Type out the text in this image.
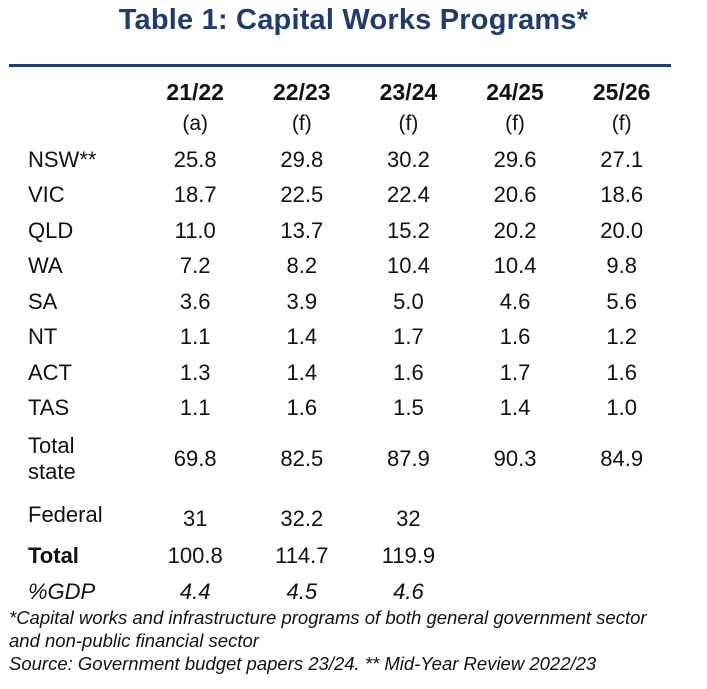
Table 1: Capital Works Programs*
	21/22	22/23	23/24	24/25	25/26
	(a)	(f)	(f)	(f)	(f)
NSW**	25.8	29.8	30.2	29.6	27.1
VIC	18.7	22.5	22.4	20.6	18.6
QLD	11.0	13.7	15.2	20.2	20.0
WA	7.2	8.2	10.4	10.4	9.8
SA	3.6	3.9	5.0	4.6	5.6
NT	1.1	1.4	1.7	1.6	1.2
ACT	1.3	1.4	1.6	1.7	1.6
TAS	1.1	1.6	1.5	1.4	1.0

Total
state	69.8	82.5	87.9	90.3	84.9
Federal	31	32.2	32		
Total	100.8	114.7	119.9		
%GDP	4.4	4.5	4.6		
*Capital works and infrastructure programs of both general government sector
and non-public financial sector
Source: Government budget papers 23/24. ** Mid-Year Review 2022/23
